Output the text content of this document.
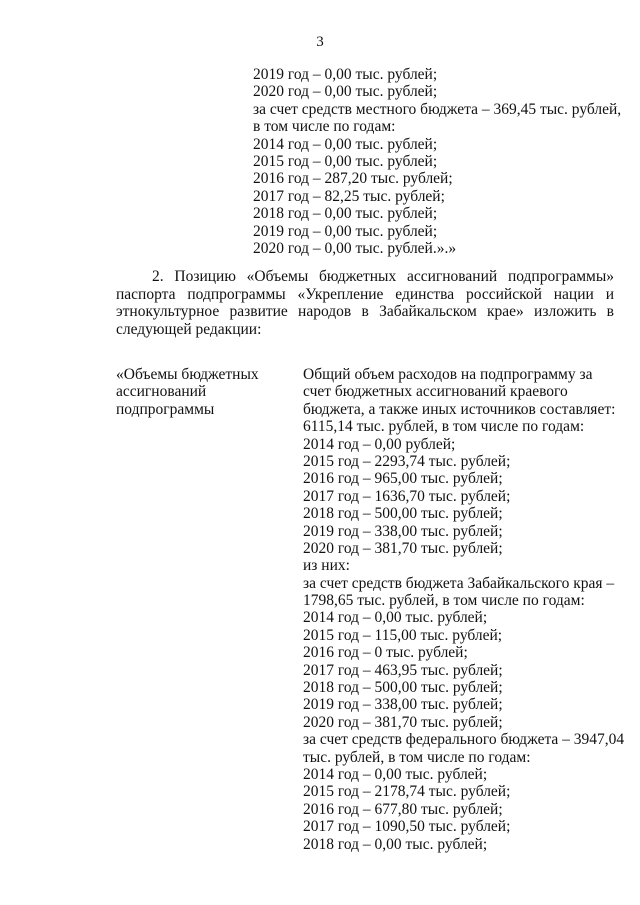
3
2019 год – 0,00 тыс. рублей;
2020 год – 0,00 тыс. рублей;
за счет средств местного бюджета – 369,45 тыс. рублей,
в том числе по годам:
2014 год – 0,00 тыс. рублей;
2015 год – 0,00 тыс. рублей;
2016 год – 287,20 тыс. рублей;
2017 год – 82,25 тыс. рублей;
2018 год – 0,00 тыс. рублей;
2019 год – 0,00 тыс. рублей;
2020 год – 0,00 тыс. рублей.».»
2. Позицию «Объемы бюджетных ассигнований подпрограммы»
паспорта подпрограммы «Укрепление единства российской нации и
этнокультурное развитие народов в Забайкальском крае» изложить в
следующей редакции:
«Объемы бюджетных
ассигнований
подпрограммы
Общий объем расходов на подпрограмму за
счет бюджетных ассигнований краевого
бюджета, а также иных источников составляет:
6115,14 тыс. рублей, в том числе по годам:
2014 год – 0,00 рублей;
2015 год – 2293,74 тыс. рублей;
2016 год – 965,00 тыс. рублей;
2017 год – 1636,70 тыс. рублей;
2018 год – 500,00 тыс. рублей;
2019 год – 338,00 тыс. рублей;
2020 год – 381,70 тыс. рублей;
из них:
за счет средств бюджета Забайкальского края –
1798,65 тыс. рублей, в том числе по годам:
2014 год – 0,00 тыс. рублей;
2015 год – 115,00 тыс. рублей;
2016 год – 0 тыс. рублей;
2017 год – 463,95 тыс. рублей;
2018 год – 500,00 тыс. рублей;
2019 год – 338,00 тыс. рублей;
2020 год – 381,70 тыс. рублей;
за счет средств федерального бюджета – 3947,04
тыс. рублей, в том числе по годам:
2014 год – 0,00 тыс. рублей;
2015 год – 2178,74 тыс. рублей;
2016 год – 677,80 тыс. рублей;
2017 год – 1090,50 тыс. рублей;
2018 год – 0,00 тыс. рублей;
